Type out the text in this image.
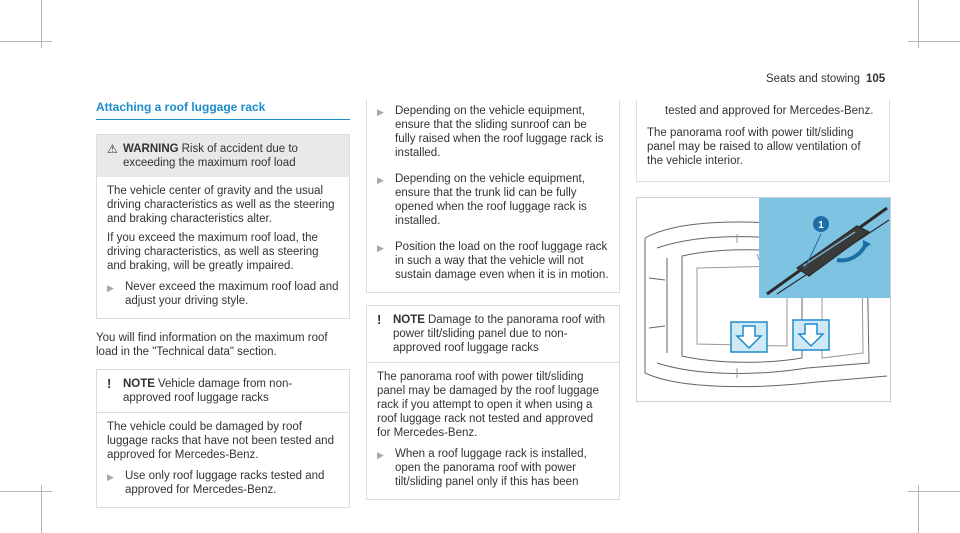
Seats and stowing 105
Attaching a roof luggage rack
⚠ WARNING Risk of accident due to exceeding the maximum roof load

The vehicle center of gravity and the usual driving characteristics as well as the steering and braking characteristics alter.

If you exceed the maximum roof load, the driving characteristics, as well as steering and braking, will be greatly impaired.

▶ Never exceed the maximum roof load and adjust your driving style.

You will find information on the maximum roof load in the "Technical data" section.

!	NOTE Vehicle damage from non-approved roof luggage racks

The vehicle could be damaged by roof luggage racks that have not been tested and approved for Mercedes-Benz.

▶ Use only roof luggage racks tested and approved for Mercedes-Benz.
▶ Depending on the vehicle equipment, ensure that the sliding sunroof can be fully raised when the roof luggage rack is installed.
▶ Depending on the vehicle equipment, ensure that the trunk lid can be fully opened when the roof luggage rack is installed.
▶ Position the load on the roof luggage rack in such a way that the vehicle will not sustain damage even when it is in motion.
!	NOTE Damage to the panorama roof with power tilt/sliding panel due to non-approved roof luggage racks

The panorama roof with power tilt/sliding panel may be damaged by the roof luggage rack if you attempt to open it when using a roof luggage rack not tested and approved for Mercedes-Benz.

▶ When a roof luggage rack is installed, open the panorama roof with power tilt/sliding panel only if this has been
tested and approved for Mercedes-Benz.

The panorama roof with power tilt/sliding panel may be raised to allow ventilation of the vehicle interior.

1
